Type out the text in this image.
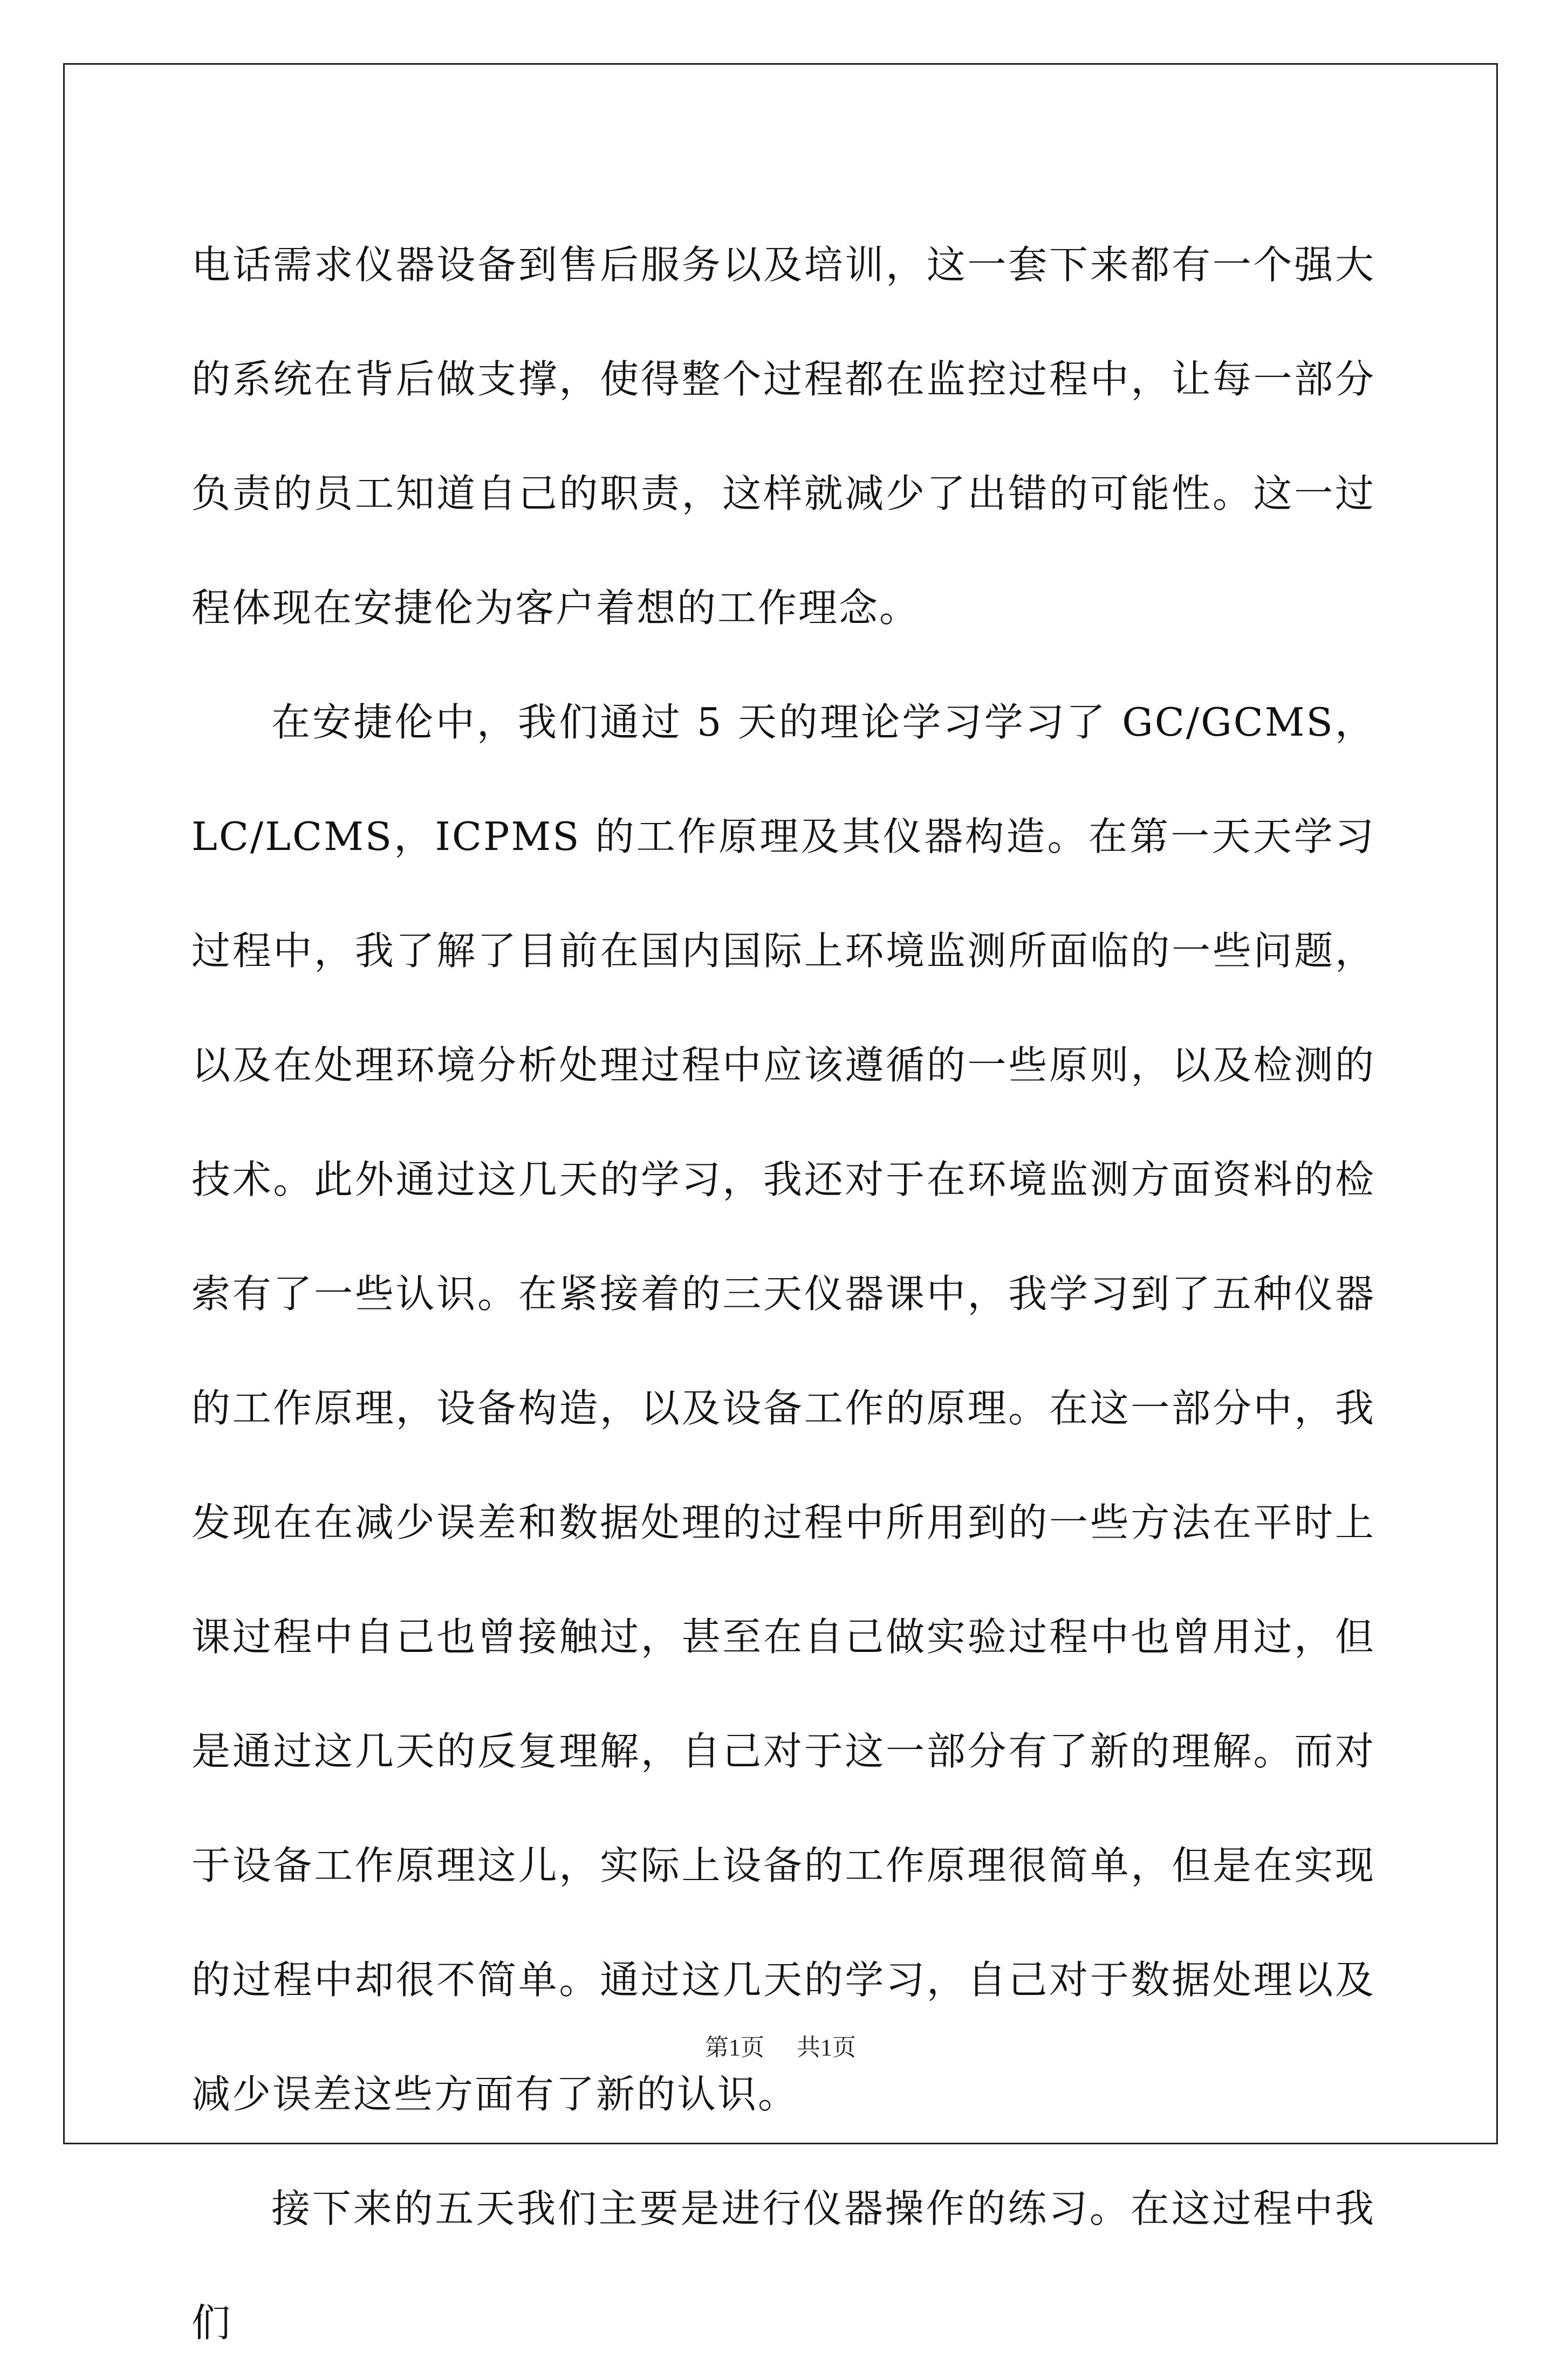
电话需求仪器设备到售后服务以及培训，这一套下来都有一个强大的系统在背后做支撑，使得整个过程都在监控过程中，让每一部分负责的员工知道自己的职责，这样就减少了出错的可能性。这一过程体现在安捷伦为客户着想的工作理念。

在安捷伦中，我们通过 5 天的理论学习学习了 GC/GCMS，LC/LCMS，ICPMS 的工作原理及其仪器构造。在第一天天学习过程中，我了解了目前在国内国际上环境监测所面临的一些问题，以及在处理环境分析处理过程中应该遵循的一些原则，以及检测的技术。此外通过这几天的学习，我还对于在环境监测方面资料的检索有了一些认识。在紧接着的三天仪器课中，我学习到了五种仪器的工作原理，设备构造，以及设备工作的原理。在这一部分中，我发现在在减少误差和数据处理的过程中所用到的一些方法在平时上课过程中自己也曾接触过，甚至在自己做实验过程中也曾用过，但是通过这几天的反复理解，自己对于这一部分有了新的理解。而对于设备工作原理这儿，实际上设备的工作原理很简单，但是在实现的过程中却很不简单。通过这几天的学习，自己对于数据处理以及减少误差这些方面有了新的认识。

接下来的五天我们主要是进行仪器操作的练习。在这过程中我们

第1页 共1页
